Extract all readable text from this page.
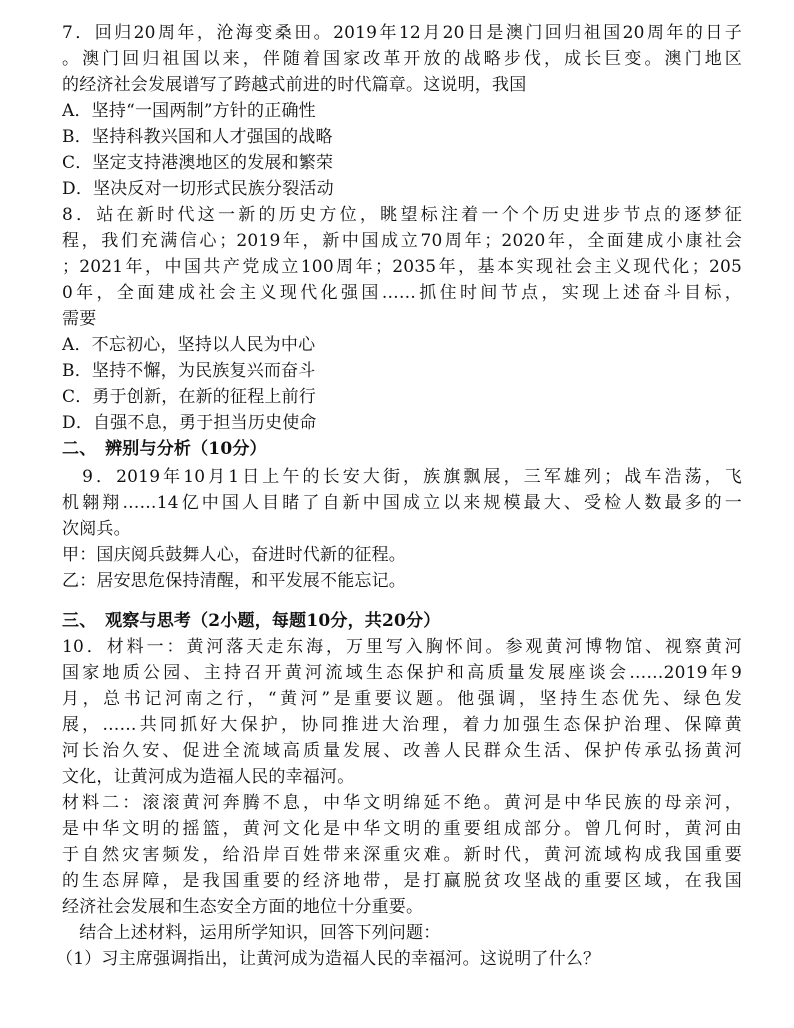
7．回归20周年，沧海变桑田。2019年12月20日是澳门回归祖国20周年的日子
。澳门回归祖国以来，伴随着国家改革开放的战略步伐，成长巨变。澳门地区
的经济社会发展谱写了跨越式前进的时代篇章。这说明，我国
A．坚持“一国两制”方针的正确性
B．坚持科教兴国和人才强国的战略
C．坚定支持港澳地区的发展和繁荣
D．坚决反对一切形式民族分裂活动
8．站在新时代这一新的历史方位，眺望标注着一个个历史进步节点的逐梦征
程，我们充满信心；2019年，新中国成立70周年；2020年，全面建成小康社会
；2021年，中国共产党成立100周年；2035年，基本实现社会主义现代化；205
0年，全面建成社会主义现代化强国……抓住时间节点，实现上述奋斗目标，
需要
A．不忘初心，坚持以人民为中心
B．坚持不懈，为民族复兴而奋斗
C．勇于创新，在新的征程上前行
D．自强不息，勇于担当历史使命
二、　辨别与分析（10分）
　9．2019年10月1日上午的长安大街，族旗飘展，三军雄列；战车浩荡，飞
机翱翔……14亿中国人目睹了自新中国成立以来规模最大、受检人数最多的一
次阅兵。
甲：国庆阅兵鼓舞人心，奋进时代新的征程。
乙：居安思危保持清醒，和平发展不能忘记。
三、　观察与思考（2小题，每题10分，共20分）
10．材料一：黄河落天走东海，万里写入胸怀间。参观黄河博物馆、视察黄河
国家地质公园、主持召开黄河流域生态保护和高质量发展座谈会……2019年9
月，总书记河南之行，“黄河”是重要议题。他强调，坚持生态优先、绿色发
展，……共同抓好大保护，协同推进大治理，着力加强生态保护治理、保障黄
河长治久安、促进全流域高质量发展、改善人民群众生活、保护传承弘扬黄河
文化，让黄河成为造福人民的幸福河。
材料二：滚滚黄河奔腾不息，中华文明绵延不绝。黄河是中华民族的母亲河，
是中华文明的摇篮，黄河文化是中华文明的重要组成部分。曾几何时，黄河由
于自然灾害频发，给沿岸百姓带来深重灾难。新时代，黄河流域构成我国重要
的生态屏障，是我国重要的经济地带，是打赢脱贫攻坚战的重要区域，在我国
经济社会发展和生态安全方面的地位十分重要。
　结合上述材料，运用所学知识，回答下列问题：
（1）习主席强调指出，让黄河成为造福人民的幸福河。这说明了什么？
